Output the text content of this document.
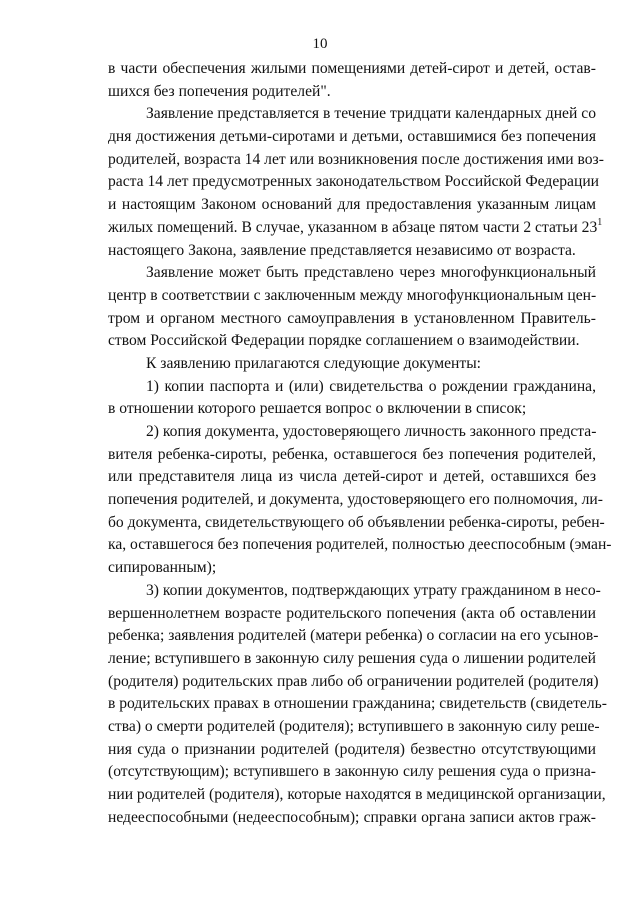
10
в части обеспечения жилыми помещениями детей-сирот и детей, остав-
шихся без попечения родителей".
Заявление представляется в течение тридцати календарных дней со
дня достижения детьми-сиротами и детьми, оставшимися без попечения
родителей, возраста 14 лет или возникновения после достижения ими воз-
раста 14 лет предусмотренных законодательством Российской Федерации
и настоящим Законом оснований для предоставления указанным лицам
жилых помещений. В случае, указанном в абзаце пятом части 2 статьи $23^1$
настоящего Закона, заявление представляется независимо от возраста.
Заявление может быть представлено через многофункциональный
центр в соответствии с заключенным между многофункциональным цен-
тром и органом местного самоуправления в установленном Правитель-
ством Российской Федерации порядке соглашением о взаимодействии.
К заявлению прилагаются следующие документы:
1) копии паспорта и (или) свидетельства о рождении гражданина,
в отношении которого решается вопрос о включении в список;
2) копия документа, удостоверяющего личность законного предста-
вителя ребенка-сироты, ребенка, оставшегося без попечения родителей,
или представителя лица из числа детей-сирот и детей, оставшихся без
попечения родителей, и документа, удостоверяющего его полномочия, ли-
бо документа, свидетельствующего об объявлении ребенка-сироты, ребен-
ка, оставшегося без попечения родителей, полностью дееспособным (эман-
сипированным);
3) копии документов, подтверждающих утрату гражданином в несо-
вершеннолетнем возрасте родительского попечения (акта об оставлении
ребенка; заявления родителей (матери ребенка) о согласии на его усынов-
ление; вступившего в законную силу решения суда о лишении родителей
(родителя) родительских прав либо об ограничении родителей (родителя)
в родительских правах в отношении гражданина; свидетельств (свидетель-
ства) о смерти родителей (родителя); вступившего в законную силу реше-
ния суда о признании родителей (родителя) безвестно отсутствующими
(отсутствующим); вступившего в законную силу решения суда о призна-
нии родителей (родителя), которые находятся в медицинской организации,
недееспособными (недееспособным); справки органа записи актов граж-
